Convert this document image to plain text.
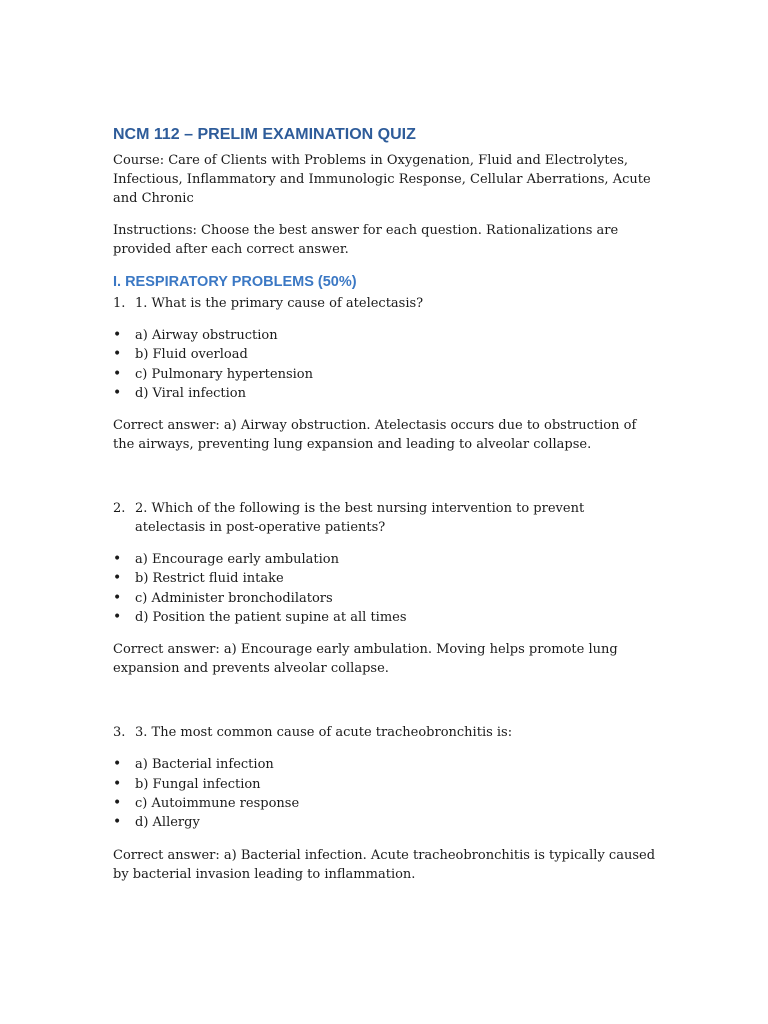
NCM 112 – PRELIM EXAMINATION QUIZ

Course: Care of Clients with Problems in Oxygenation, Fluid and Electrolytes, Infectious, Inflammatory and Immunologic Response, Cellular Aberrations, Acute and Chronic

Instructions: Choose the best answer for each question. Rationalizations are provided after each correct answer.

I. RESPIRATORY PROBLEMS (50%)
1. 1. What is the primary cause of atelectasis?
•	a) Airway obstruction
•	b) Fluid overload
•	c) Pulmonary hypertension
•	d) Viral infection

Correct answer: a) Airway obstruction. Atelectasis occurs due to obstruction of the airways, preventing lung expansion and leading to alveolar collapse.

2. 2. Which of the following is the best nursing intervention to prevent atelectasis in post-operative patients?
•	a) Encourage early ambulation
•	b) Restrict fluid intake
•	c) Administer bronchodilators
•	d) Position the patient supine at all times

Correct answer: a) Encourage early ambulation. Moving helps promote lung expansion and prevents alveolar collapse.

3. 3. The most common cause of acute tracheobronchitis is:
•	a) Bacterial infection
•	b) Fungal infection
•	c) Autoimmune response
•	d) Allergy

Correct answer: a) Bacterial infection. Acute tracheobronchitis is typically caused by bacterial invasion leading to inflammation.
